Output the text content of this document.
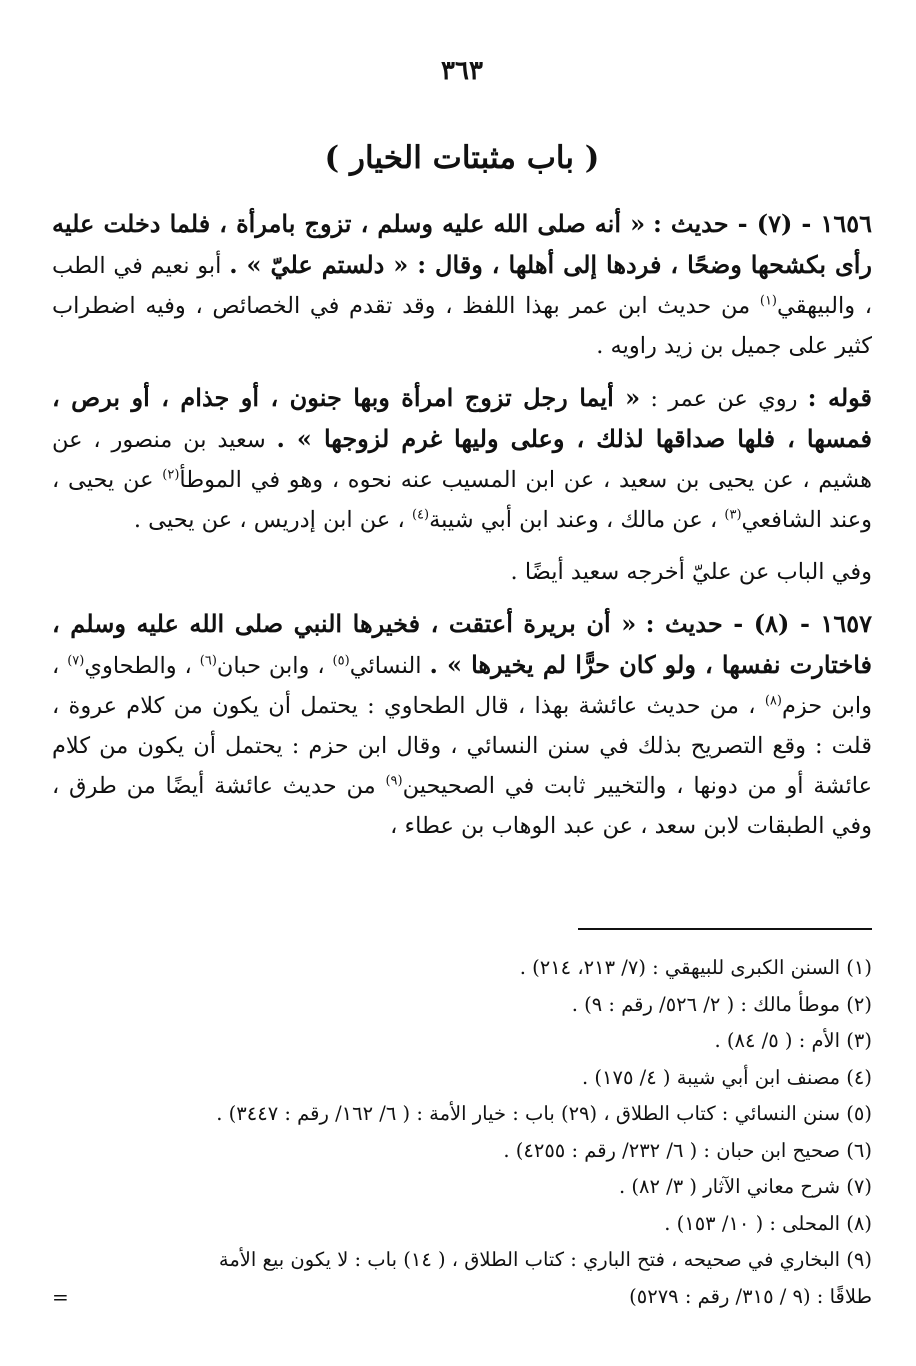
٣٦٣
( باب مثبتات الخيار )

١٦٥٦ - (٧) - حديث : « أنه صلى الله عليه وسلم ، تزوج بامرأة ، فلما دخلت عليه رأى بكشحها وضحًا ، فردها إلى أهلها ، وقال : « دلستم عليّ » . أبو نعيم في الطب ، والبيهقي$^{(١)}$ من حديث ابن عمر بهذا اللفظ ، وقد تقدم في الخصائص ، وفيه اضطراب كثير على جميل بن زيد راويه .

قوله : روي عن عمر : « أيما رجل تزوج امرأة وبها جنون ، أو جذام ، أو برص ، فمسها ، فلها صداقها لذلك ، وعلى وليها غرم لزوجها » . سعيد بن منصور ، عن هشيم ، عن يحيى بن سعيد ، عن ابن المسيب عنه نحوه ، وهو في الموطأ$^{(٢)}$ عن يحيى ، وعند الشافعي$^{(٣)}$ ، عن مالك ، وعند ابن أبي شيبة$^{(٤)}$ ، عن ابن إدريس ، عن يحيى .

وفي الباب عن عليّ أخرجه سعيد أيضًا .

١٦٥٧ - (٨) - حديث : « أن بريرة أعتقت ، فخيرها النبي صلى الله عليه وسلم ، فاختارت نفسها ، ولو كان حرًّا لم يخيرها » . النسائي$^{(٥)}$ ، وابن حبان$^{(٦)}$ ، والطحاوي$^{(٧)}$ ، وابن حزم$^{(٨)}$ ، من حديث عائشة بهذا ، قال الطحاوي : يحتمل أن يكون من كلام عروة ، قلت : وقع التصريح بذلك في سنن النسائي ، وقال ابن حزم : يحتمل أن يكون من كلام عائشة أو من دونها ، والتخيير ثابت في الصحيحين$^{(٩)}$ من حديث عائشة أيضًا من طرق ، وفي الطبقات لابن سعد ، عن عبد الوهاب بن عطاء ،

(١) السنن الكبرى للبيهقي : (٧/ ٢١٣، ٢١٤) .

(٢) موطأ مالك : ( ٢/ ٥٢٦/ رقم : ٩) .

(٣) الأم : ( ٥/ ٨٤) .

(٤) مصنف ابن أبي شيبة ( ٤/ ١٧٥) .

(٥) سنن النسائي : كتاب الطلاق ، (٢٩) باب : خيار الأمة : ( ٦/ ١٦٢/ رقم : ٣٤٤٧) .

(٦) صحيح ابن حبان : ( ٦/ ٢٣٢/ رقم : ٤٢٥٥) .

(٧) شرح معاني الآثار ( ٣/ ٨٢) .

(٨) المحلى : ( ١٠/ ١٥٣) .

(٩) البخاري في صحيحه ، فتح الباري : كتاب الطلاق ، ( ١٤) باب : لا يكون بيع الأمة

طلاقًا : (٩ / ٣١٥/ رقم : ٥٢٧٩)
=
